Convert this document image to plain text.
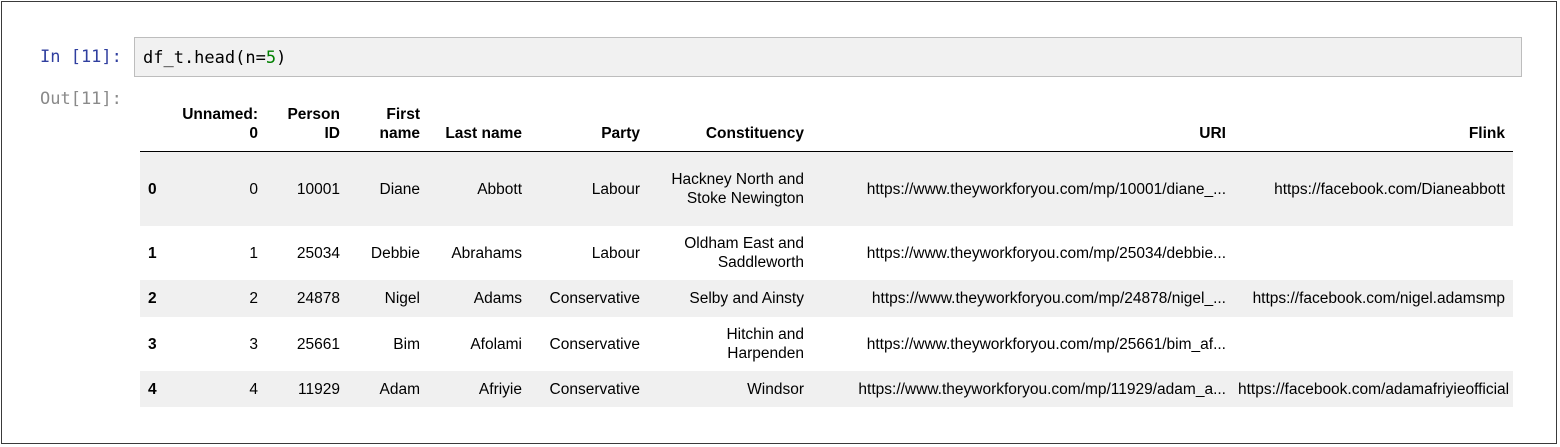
In [11]: df_t.head(n=5)
Out[11]:
	Unnamed: 0	Person ID	First name	Last name	Party	Constituency	URI	Flink
0	0	10001	Diane	Abbott	Labour	Hackney North and Stoke Newington	https://www.theyworkforyou.com/mp/10001/diane_...	https://facebook.com/Dianeabbott
1	1	25034	Debbie	Abrahams	Labour	Oldham East and Saddleworth	https://www.theyworkforyou.com/mp/25034/debbie...	
2	2	24878	Nigel	Adams	Conservative	Selby and Ainsty	https://www.theyworkforyou.com/mp/24878/nigel_...	https://facebook.com/nigel.adamsmp
3	3	25661	Bim	Afolami	Conservative	Hitchin and Harpenden	https://www.theyworkforyou.com/mp/25661/bim_af...	
4	4	11929	Adam	Afriyie	Conservative	Windsor	https://www.theyworkforyou.com/mp/11929/adam_a...	https://facebook.com/adamafriyieofficial
